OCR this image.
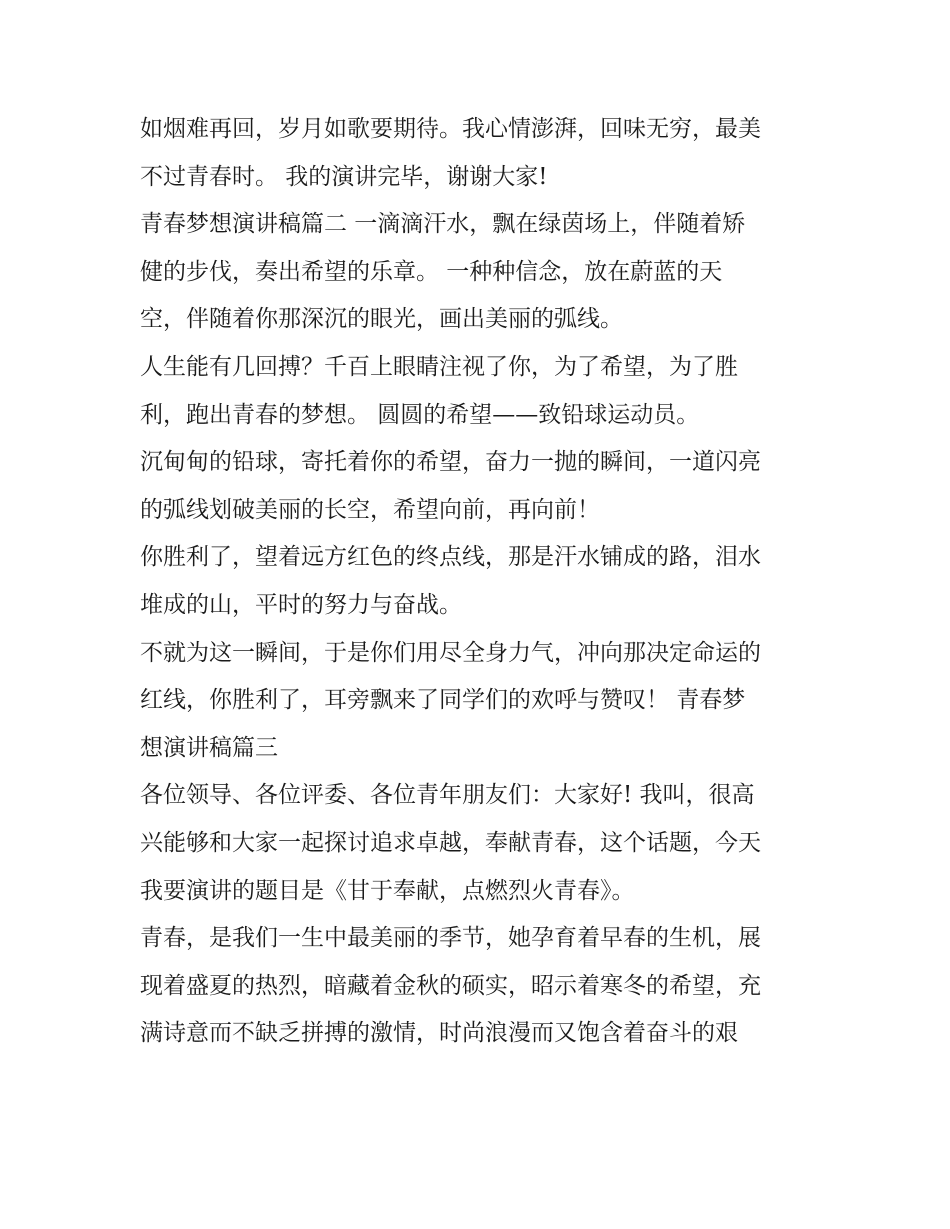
如烟难再回，岁月如歌要期待。我心情澎湃，回味无穷，最美
不过青春时。 我的演讲完毕，谢谢大家!
青春梦想演讲稿篇二 一滴滴汗水，飘在绿茵场上，伴随着矫
健的步伐，奏出希望的乐章。 一种种信念，放在蔚蓝的天
空，伴随着你那深沉的眼光，画出美丽的弧线。
人生能有几回搏？千百上眼睛注视了你，为了希望，为了胜
利，跑出青春的梦想。 圆圆的希望——致铅球运动员。
沉甸甸的铅球，寄托着你的希望，奋力一抛的瞬间，一道闪亮
的弧线划破美丽的长空，希望向前，再向前！
你胜利了，望着远方红色的终点线，那是汗水铺成的路，泪水
堆成的山，平时的努力与奋战。
不就为这一瞬间，于是你们用尽全身力气，冲向那决定命运的
红线，你胜利了，耳旁飘来了同学们的欢呼与赞叹！ 青春梦
想演讲稿篇三
各位领导、各位评委、各位青年朋友们：大家好! 我叫，很高
兴能够和大家一起探讨追求卓越，奉献青春，这个话题，今天
我要演讲的题目是《甘于奉献，点燃烈火青春》。
青春，是我们一生中最美丽的季节，她孕育着早春的生机，展
现着盛夏的热烈，暗藏着金秋的硕实，昭示着寒冬的希望，充
满诗意而不缺乏拼搏的激情，时尚浪漫而又饱含着奋斗的艰
